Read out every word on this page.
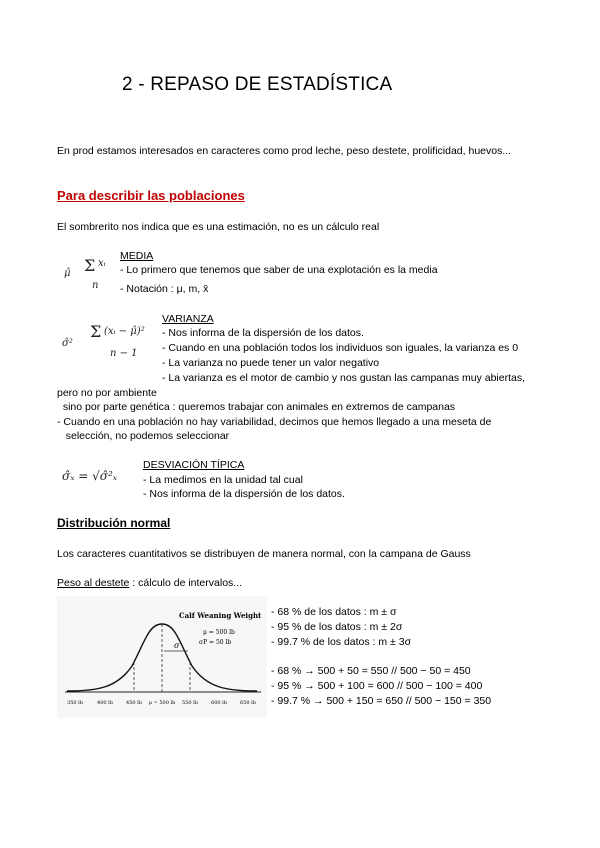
2 - REPASO DE ESTADÍSTICA
En prod estamos interesados en caracteres como prod leche, peso destete, prolificidad, huevos...
Para describir las poblaciones
El sombrerito nos indica que es una estimación, no es un cálculo real
μ̂ Σ xᵢ
n
MEDIA
- Lo primero que tenemos que saber de una explotación es la media
- Notación : μ, m, x̄
σ̂²
Σ (xᵢ − μ̂)²
n − 1
VARIANZA
- Nos informa de la dispersión de los datos.
- Cuando en una población todos los individuos son iguales, la varianza es 0
- La varianza no puede tener un valor negativo
- La varianza es el motor de cambio y nos gustan las campanas muy abiertas,
pero no por ambiente
sino por parte genética : queremos trabajar con animales en extremos de campanas
- Cuando en una población no hay variabilidad, decimos que hemos llegado a una meseta de
selección, no podemos seleccionar
σ̂ₓ = √σ̂²ₓ
DESVIACIÓN TÍPICA
- La medimos en la unidad tal cual
- Nos informa de la dispersión de los datos.
Distribución normal
Los caracteres cuantitativos se distribuyen de manera normal, con la campana de Gauss
Peso al destete : cálculo de intervalos...
σ
Calf Weaning Weight
μ = 500 lb
σP = 50 lb
350 lb	400 lb	450 lb μ = 500 lb 550 lb	600 lb	650 lb
- 68 % de los datos : m ± σ
- 95 % de los datos : m ± 2σ
- 99.7 % de los datos : m ± 3σ
- 68 % → 500 + 50 = 550 // 500 − 50 = 450
- 95 % → 500 + 100 = 600 // 500 − 100 = 400
- 99.7 % → 500 + 150 = 650 // 500 − 150 = 350
